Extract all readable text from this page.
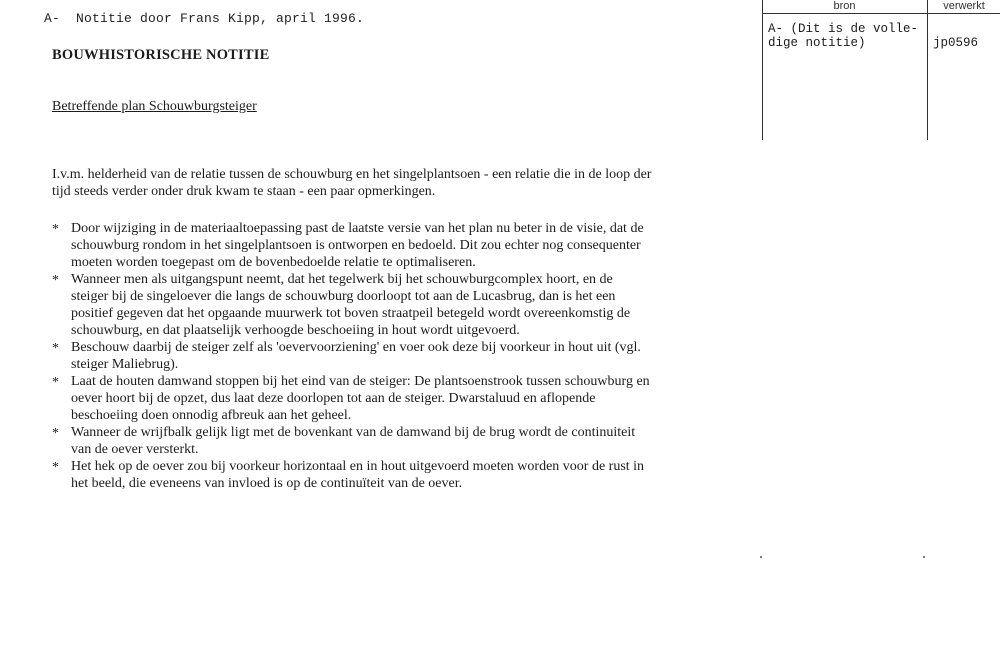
A-  Notitie door Frans Kipp, april 1996.
BOUWHISTORISCHE NOTITIE
Betreffende plan Schouwburgsteiger

I.v.m. helderheid van de relatie tussen de schouwburg en het singelplantsoen - een relatie die in de loop der tijd steeds verder onder druk kwam te staan - een paar opmerkingen.

* Door wijziging in de materiaaltoepassing past de laatste versie van het plan nu beter in de visie, dat de schouwburg rondom in het singelplantsoen is ontworpen en bedoeld. Dit zou echter nog consequenter moeten worden toegepast om de bovenbedoelde relatie te optimaliseren.
* Wanneer men als uitgangspunt neemt, dat het tegelwerk bij het schouwburgcomplex hoort, en de steiger bij de singeloever die langs de schouwburg doorloopt tot aan de Lucasbrug, dan is het een positief gegeven dat het opgaande muurwerk tot boven straatpeil betegeld wordt overeenkomstig de schouwburg, en dat plaatselijk verhoogde beschoeiing in hout wordt uitgevoerd.
* Beschouw daarbij de steiger zelf als 'oevervoorziening' en voer ook deze bij voorkeur in hout uit (vgl. steiger Maliebrug).
* Laat de houten damwand stoppen bij het eind van de steiger: De plantsoenstrook tussen schouwburg en oever hoort bij de opzet, dus laat deze doorlopen tot aan de steiger. Dwarstaluud en aflopende beschoeiing doen onnodig afbreuk aan het geheel.
* Wanneer de wrijfbalk gelijk ligt met de bovenkant van de damwand bij de brug wordt de continuiteit van de oever versterkt.
* Het hek op de oever zou bij voorkeur horizontaal en in hout uitgevoerd moeten worden voor de rust in het beeld, die eveneens van invloed is op de continuïteit van de oever.
bron	verwerkt
A- (Dit is de volle-
dige notitie)	jp0596
